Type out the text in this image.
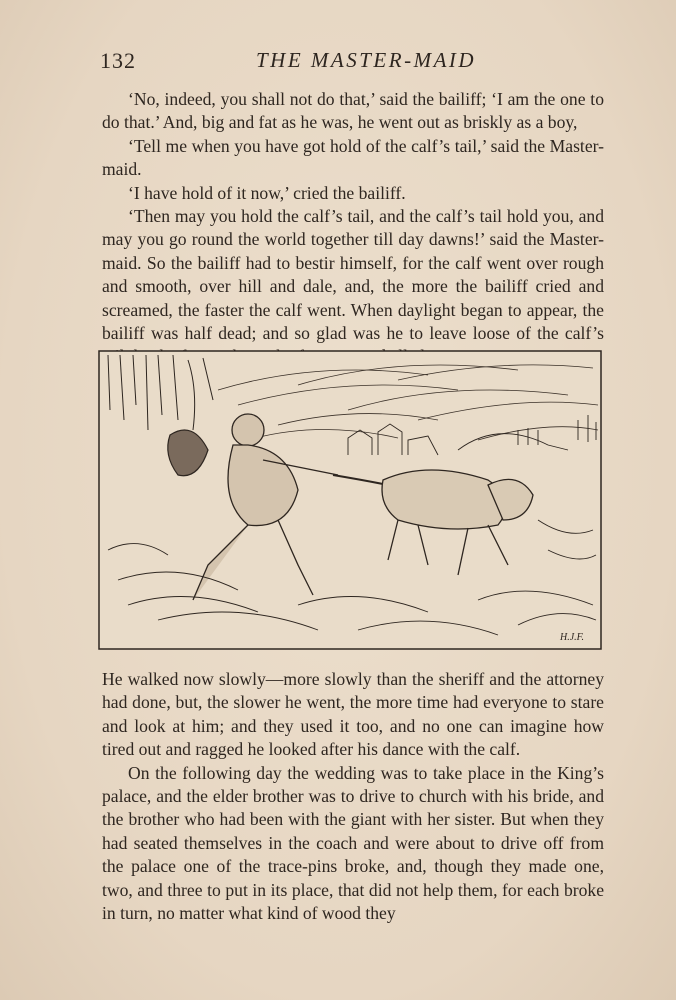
132	THE MASTER-MAID

‘No, indeed, you shall not do that,’ said the bailiff; ‘I am the one to do that.’ And, big and fat as he was, he went out as briskly as a boy,

‘Tell me when you have got hold of the calf’s tail,’ said the Master-maid.

‘I have hold of it now,’ cried the bailiff.

‘Then may you hold the calf’s tail, and the calf’s tail hold you, and may you go round the world together till day dawns!’ said the Master-maid. So the bailiff had to bestir himself, for the calf went over rough and smooth, over hill and dale, and, the more the bailiff cried and screamed, the faster the calf went. When daylight began to appear, the bailiff was half dead; and so glad was he to leave loose of the calf’s

H.J.F.

He walked now slowly—more slowly than the sheriff and the attorney had done, but, the slower he went, the more time had everyone to stare and look at him; and they used it too, and no one can imagine how tired out and ragged he looked after his dance with the calf.

On the following day the wedding was to take place in the King’s palace, and the elder brother was to drive to church with his bride, and the brother who had been with the giant with her sister. But when they had seated themselves in the coach and were about to drive off from the palace one of the trace-pins broke, and, though they made one, two, and three to put in its place, that did not help them, for each broke in turn, no matter what kind of wood they
